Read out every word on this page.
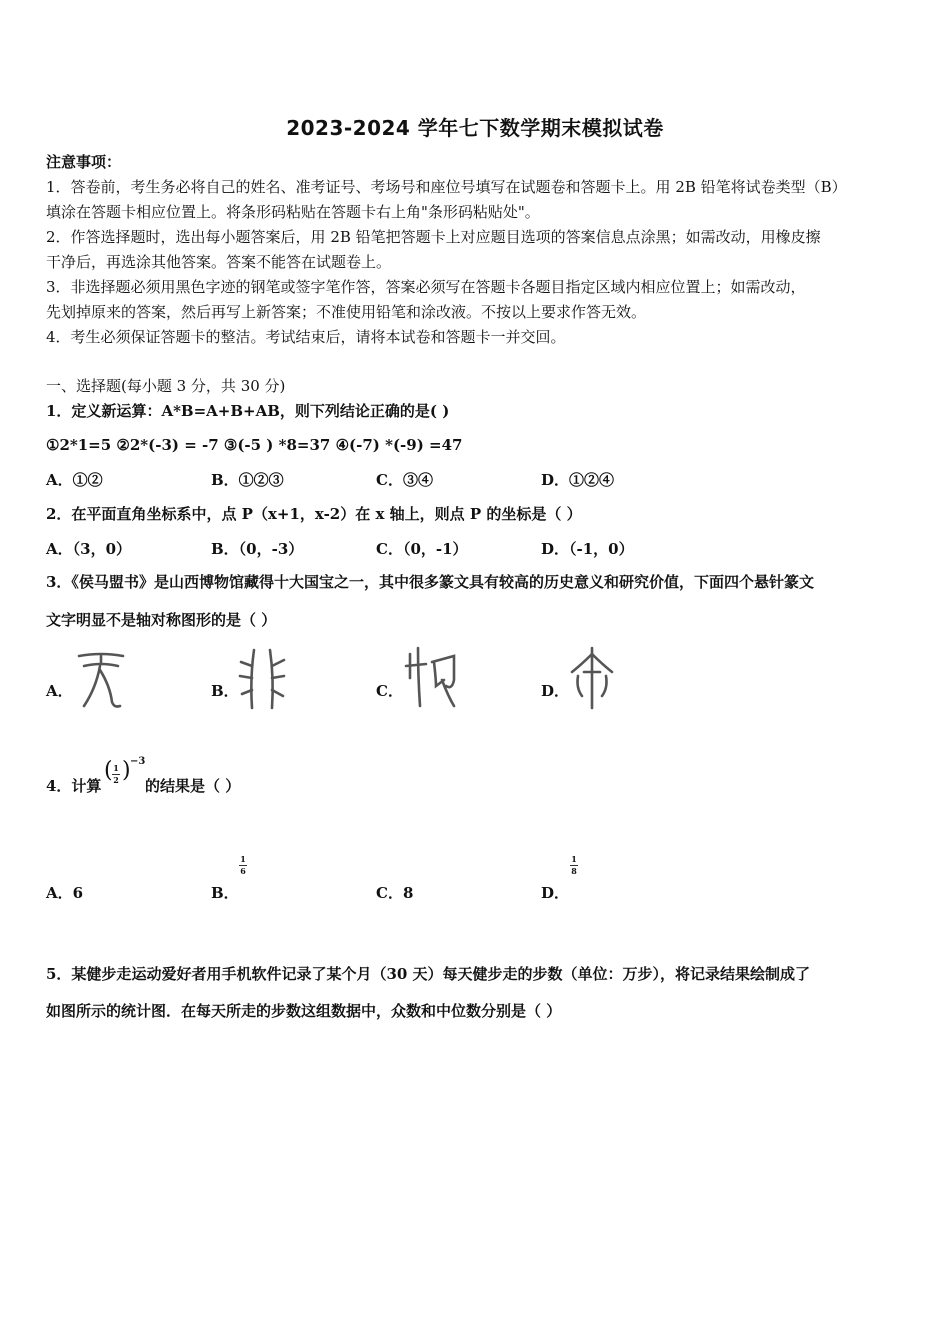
2023-2024 学年七下数学期末模拟试卷
注意事项：
1．答卷前，考生务必将自己的姓名、准考证号、考场号和座位号填写在试题卷和答题卡上。用 2B 铅笔将试卷类型（B）
填涂在答题卡相应位置上。将条形码粘贴在答题卡右上角"条形码粘贴处"。
2．作答选择题时，选出每小题答案后，用 2B 铅笔把答题卡上对应题目选项的答案信息点涂黑；如需改动，用橡皮擦
干净后，再选涂其他答案。答案不能答在试题卷上。
3．非选择题必须用黑色字迹的钢笔或签字笔作答，答案必须写在答题卡各题目指定区域内相应位置上；如需改动，
先划掉原来的答案，然后再写上新答案；不准使用铅笔和涂改液。不按以上要求作答无效。
4．考生必须保证答题卡的整洁。考试结束后，请将本试卷和答题卡一并交回。
一、选择题(每小题 3 分，共 30 分)
1．定义新运算：A*B=A+B+AB，则下列结论正确的是( )
①2*1=5 ②2*(-3) = -7 ③(-5 ) *8=37 ④(-7) *(-9) =47
A．①②	B．①②③	C．③④	D．①②④
2．在平面直角坐标系中，点 P（x+1，x-2）在 x 轴上，则点 P 的坐标是（ ）
A．（3，0）	B．（0，-3）	C．（0，-1）	D．（-1，0）
3．《侯马盟书》是山西博物馆藏得十大国宝之一，其中很多篆文具有较高的历史意义和研究价值，下面四个悬针篆文
文字明显不是轴对称图形的是（ ）
A．	B．	C．	D．
4．计算
( 1
2 ) −3
的结果是（ ）
A．6	B．
1
6
C．8	D．
1
8
5．某健步走运动爱好者用手机软件记录了某个月（30 天）每天健步走的步数（单位：万步），将记录结果绘制成了
如图所示的统计图．在每天所走的步数这组数据中，众数和中位数分别是（ ）
